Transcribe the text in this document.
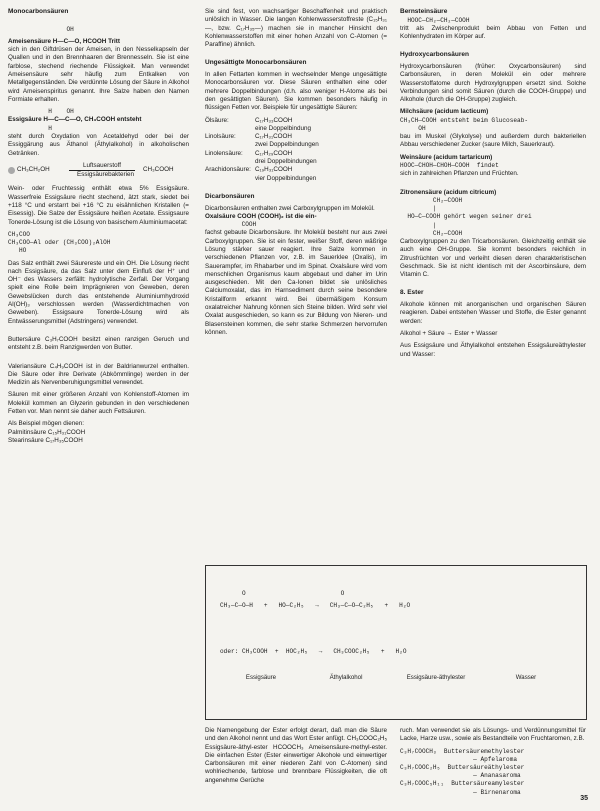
Monocarbonsäuren
OH

Ameisensäure H—C—O, HCOOH Tritt

sich in den Giftdrüsen der Ameisen, in den Nesselkapseln der Quallen und in den Brennhaaren der Brennesseln. Sie ist eine farblose, stechend riechende Flüssigkeit. Man verwendet Ameisensäure sehr häufig zum Entkalken von Metallgegenständen. Die verdünnte Lösung der Säure in Alkohol wird Ameisenspiritus genannt. Ihre Salze haben den Namen Formiate erhalten.

H    OH

Essigsäure H—C—C—O, CH₃COOH entsteht

H

steht durch Oxydation von Acetaldehyd oder bei der Essiggärung aus Äthanol (Äthylalkohol) in alkoholischen Getränken.

CH₃CH₂OH
Luftsauerstoff
Essigsäurebakterien
CH₃COOH

Wein- oder Fruchtessig enthält etwa 5% Essigsäure. Wasserfreie Essigsäure riecht stechend, ätzt stark, siedet bei +118 °C und erstarrt bei +16 °C zu eisähnlichen Kristallen (= Eisessig). Die Salze der Essigsäure heißen Acetate. Essigsaure Tonerde-Lösung ist die Lösung von basischem Aluminiumacetat:

CH₃COO
CH₃COO—Al oder (CH₃COO)₂AlOH
HO

Das Salz enthält zwei Säurereste und ein OH. Die Lösung riecht nach Essigsäure, da das Salz unter dem Einfluß der H⁺ und OH⁻ des Wassers zerfällt: hydrolytische Zerfall. Der Vorgang spielt eine Rolle beim Imprägnieren von Geweben, deren Gewebslücken durch das entstehende Aluminiumhydroxid Al(OH)₃ verschlossen werden (Wasserdichtmachen von Geweben). Essigsaure Tonerde-Lösung wird als Entwässerungsmittel (Adstringens) verwendet.

Buttersäure C₃H₇COOH besitzt einen ranzigen Geruch und entsteht z.B. beim Ranzigwerden von Butter.

Valeriansäure C₄H₉COOH ist in der Baldrianwurzel enthalten. Die Säure oder ihre Derivate (Abkömmlinge) werden in der Medizin als Nervenberuhigungsmittel verwendet.

Säuren mit einer größeren Anzahl von Kohlenstoff-Atomen im Molekül kommen an Glyzerin gebunden in den verschiedenen Fetten vor. Man nennt sie daher auch Fettsäuren.

Als Beispiel mögen dienen:

Palmitinsäure C₁₅H₃₁COOH

Stearinsäure C₁₇H₃₅COOH

Sie sind fest, von wachsartiger Beschaffenheit und praktisch unlöslich in Wasser. Die langen Kohlenwasserstoffreste (C₁₅H₃₁—, bzw. C₁₇H₃₅—) machen sie in mancher Hinsicht den Kohlenwasserstoffen mit einer hohen Anzahl von C-Atomen (= Paraffine) ähnlich.

Ungesättigte Monocarbonsäuren

In allen Fettarten kommen in wechselnder Menge ungesättigte Monocarbonsäuren vor. Diese Säuren enthalten eine oder mehrere Doppelbindungen (d.h. also weniger H-Atome als bei den gesättigten Säuren). Sie kommen besonders häufig in flüssigen Fetten vor. Beispiele für ungesättigte Säuren:

Ölsäure:	C₁₇H₃₃COOH
eine Doppelbindung
Linolsäure:	C₁₇H₃₁COOH
zwei Doppelbindungen
Linolensäure:	C₁₇H₂₉COOH
drei Doppelbindungen
Arachidonsäure: C₁₉H₃₁COOH
vier Doppelbindungen
Dicarbonsäuren

Dicarbonsäuren enthalten zwei Carboxylgruppen im Molekül.

Oxalsäure COOH (COOH)₂ ist die ein-

COOH

fachst gebaute Dicarbonsäure. Ihr Molekül besteht nur aus zwei Carboxylgruppen. Sie ist ein fester, weißer Stoff, deren wäßrige Lösung stärker sauer reagiert. Ihre Salze kommen in verschiedenen Pflanzen vor, z.B. im Sauerklee (Oxalis), im Sauerampfer, im Rhabarber und im Spinat. Oxalsäure wird vom menschlichen Organismus kaum abgebaut und daher im Urin ausgeschieden. Mit den Ca-Ionen bildet sie unlösliches Calciumoxalat, das im Harnsediment durch seine besondere Kristallform erkannt wird. Bei übermäßigem Konsum oxalatreicher Nahrung können sich Steine bilden. Wird sehr viel Oxalat ausgeschieden, so kann es zur Bildung von Nieren- und Blasensteinen kommen, die sehr starke Schmerzen hervorrufen können.

Bernsteinsäure
HOOC—CH₂—CH₂—COOH

tritt als Zwischenprodukt beim Abbau von Fetten und Kohlenhydraten im Körper auf.

Hydroxycarbonsäuren

Hydroxycarbonsäuren (früher: Oxycarbonsäuren) sind Carbonsäuren, in deren Molekül ein oder mehrere Wasserstoffatome durch Hydroxylgruppen ersetzt sind. Solche Verbindungen sind somit Säuren (durch die COOH-Gruppe) und Alkohole (durch die OH-Gruppe) zugleich.

Milchsäure (acidum lacticum)

CH₃CH—COOH entsteht beim Glucoseab-
OH

bau im Muskel (Glykolyse) und außerdem durch bakteriellen Abbau verschiedener Zucker (saure Milch, Sauerkraut).

Weinsäure (acidum tartaricum)

HOOC—CHOH—CHOH—COOH  findet

sich in zahlreichen Pflanzen und Früchten.

Zitronensäure (acidum citricum)

CH₂—COOH
|
HO—C—COOH gehört wegen seiner drei
|
CH₂—COOH

Carboxylgruppen zu den Tricarbonsäuren. Gleichzeitig enthält sie auch eine OH-Gruppe. Sie kommt besonders reichlich in Zitrusfrüchten vor und verleiht diesen deren charakteristischen Geschmack. Sie ist nicht identisch mit der Ascorbinsäure, dem Vitamin C.

8. Ester

Alkohole können mit anorganischen und organischen Säuren reagieren. Dabei entstehen Wasser und Stoffe, die Ester genannt werden:

Alkohol + Säure → Ester + Wasser

Aus Essigsäure und Äthylalkohol entstehen Essigsäureäthylester und Wasser:

O                          O
CH₃—C—O—H   +   HO—C₂H₅   →   CH₃—C—O—C₂H₅   +   H₂O
oder: CH₃COOH  +  HOC₂H₅   →   CH₃COOC₂H₅   +   H₂O
Essigsäure	Äthylalkohol	Essigsäure-äthylester	Wasser

Die Namengebung der Ester erfolgt derart, daß man die Säure und den Alkohol nennt und das Wort Ester anfügt. CH₃COOC₂H₅ Essigsäure-äthyl-ester HCOOCH₃ Ameisensäure-methyl-ester. Die einfachen Ester (Ester einwertiger Alkohole und einwertiger Carbonsäuren mit einer niederen Zahl von C-Atomen) sind wohlriechende, farblose und brennbare Flüssigkeiten, die oft angenehme Gerüche

ruch. Man verwendet sie als Lösungs- und Verdünnungsmittel für Lacke, Harze usw., sowie als Bestandteile von Fruchtaromen, z.B.

C₃H₇COOCH₃  Buttersäuremethylester
— Apfelaroma
C₃H₇COOC₂H₅  Buttersäureäthylester
— Ananasaroma
C₃H₇COOC₅H₁₁  Buttersäureamylester
— Birnenaroma
35
